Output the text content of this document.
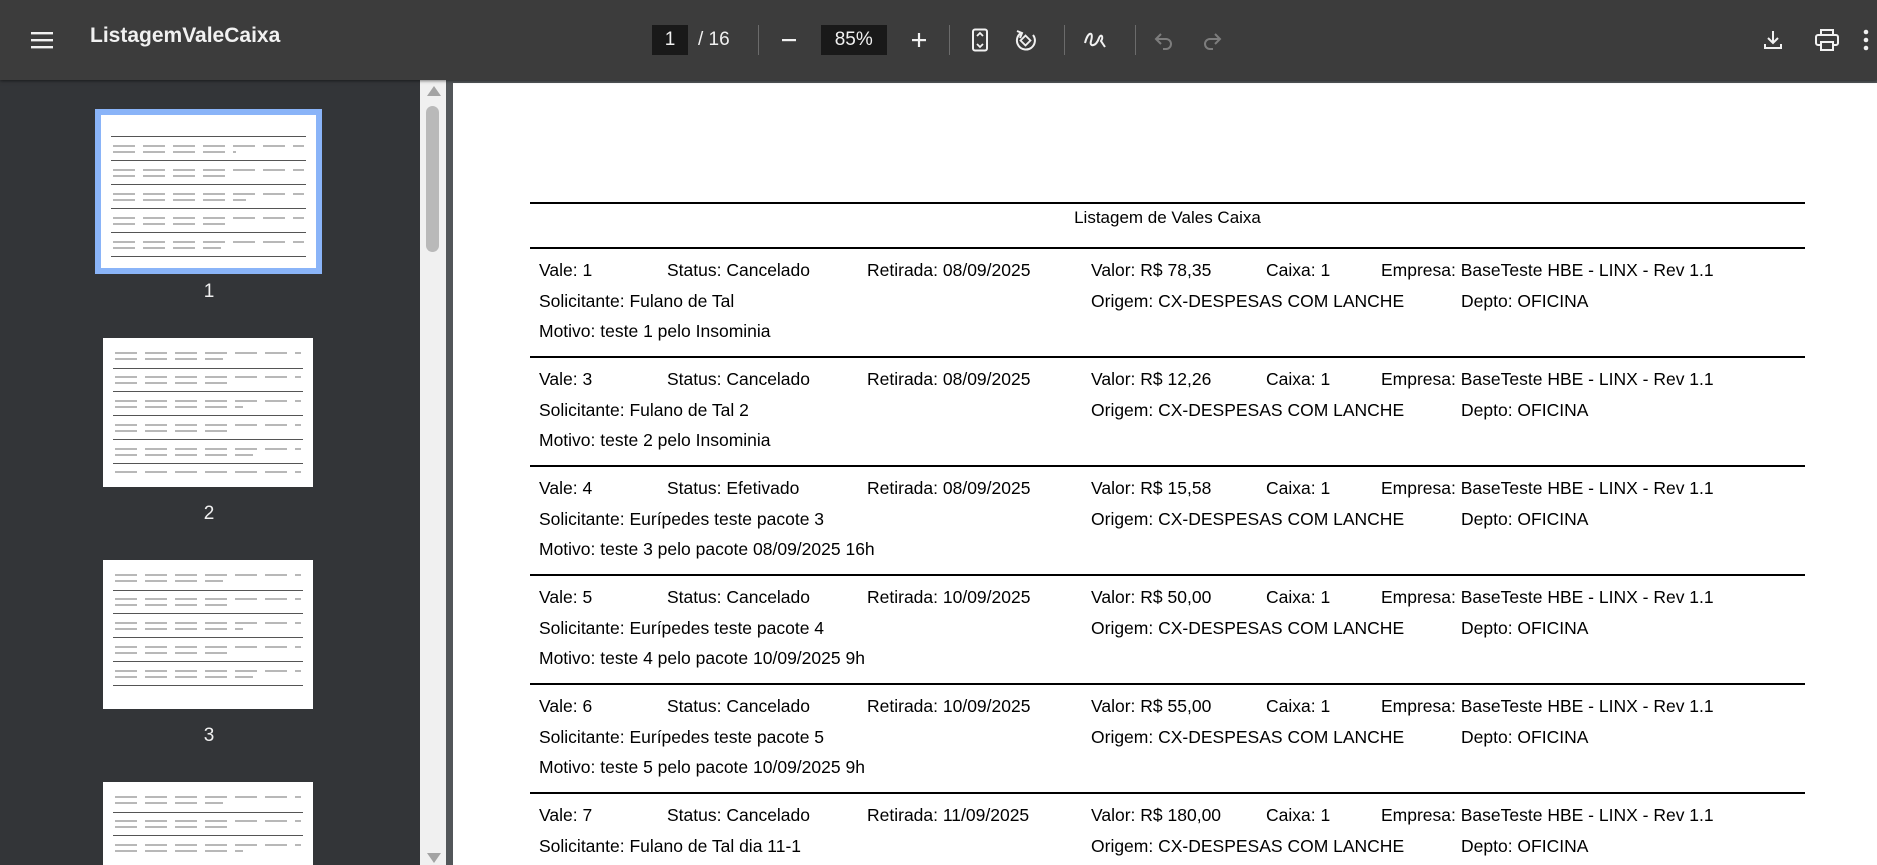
ListagemValeCaixa
1	/ 16
85%
1
2
3
Listagem de Vales Caixa
Vale: 1	Status: Cancelado	Retirada: 08/09/2025	Valor: R$ 78,35	Caixa: 1	Empresa: BaseTeste HBE - LINX - Rev 1.1
Solicitante: Fulano de Tal	Origem: CX-DESPESAS COM LANCHE	Depto: OFICINA
Motivo: teste 1 pelo Insominia
Vale: 3	Status: Cancelado	Retirada: 08/09/2025	Valor: R$ 12,26	Caixa: 1	Empresa: BaseTeste HBE - LINX - Rev 1.1
Solicitante: Fulano de Tal 2	Origem: CX-DESPESAS COM LANCHE	Depto: OFICINA
Motivo: teste 2 pelo Insominia
Vale: 4	Status: Efetivado	Retirada: 08/09/2025	Valor: R$ 15,58	Caixa: 1	Empresa: BaseTeste HBE - LINX - Rev 1.1
Solicitante: Eurípedes teste pacote 3	Origem: CX-DESPESAS COM LANCHE	Depto: OFICINA
Motivo: teste 3 pelo pacote 08/09/2025 16h
Vale: 5	Status: Cancelado	Retirada: 10/09/2025	Valor: R$ 50,00	Caixa: 1	Empresa: BaseTeste HBE - LINX - Rev 1.1
Solicitante: Eurípedes teste pacote 4	Origem: CX-DESPESAS COM LANCHE	Depto: OFICINA
Motivo: teste 4 pelo pacote 10/09/2025 9h
Vale: 6	Status: Cancelado	Retirada: 10/09/2025	Valor: R$ 55,00	Caixa: 1	Empresa: BaseTeste HBE - LINX - Rev 1.1
Solicitante: Eurípedes teste pacote 5	Origem: CX-DESPESAS COM LANCHE	Depto: OFICINA
Motivo: teste 5 pelo pacote 10/09/2025 9h
Vale: 7	Status: Cancelado	Retirada: 11/09/2025	Valor: R$ 180,00	Caixa: 1	Empresa: BaseTeste HBE - LINX - Rev 1.1
Solicitante: Fulano de Tal dia 11-1	Origem: CX-DESPESAS COM LANCHE	Depto: OFICINA
